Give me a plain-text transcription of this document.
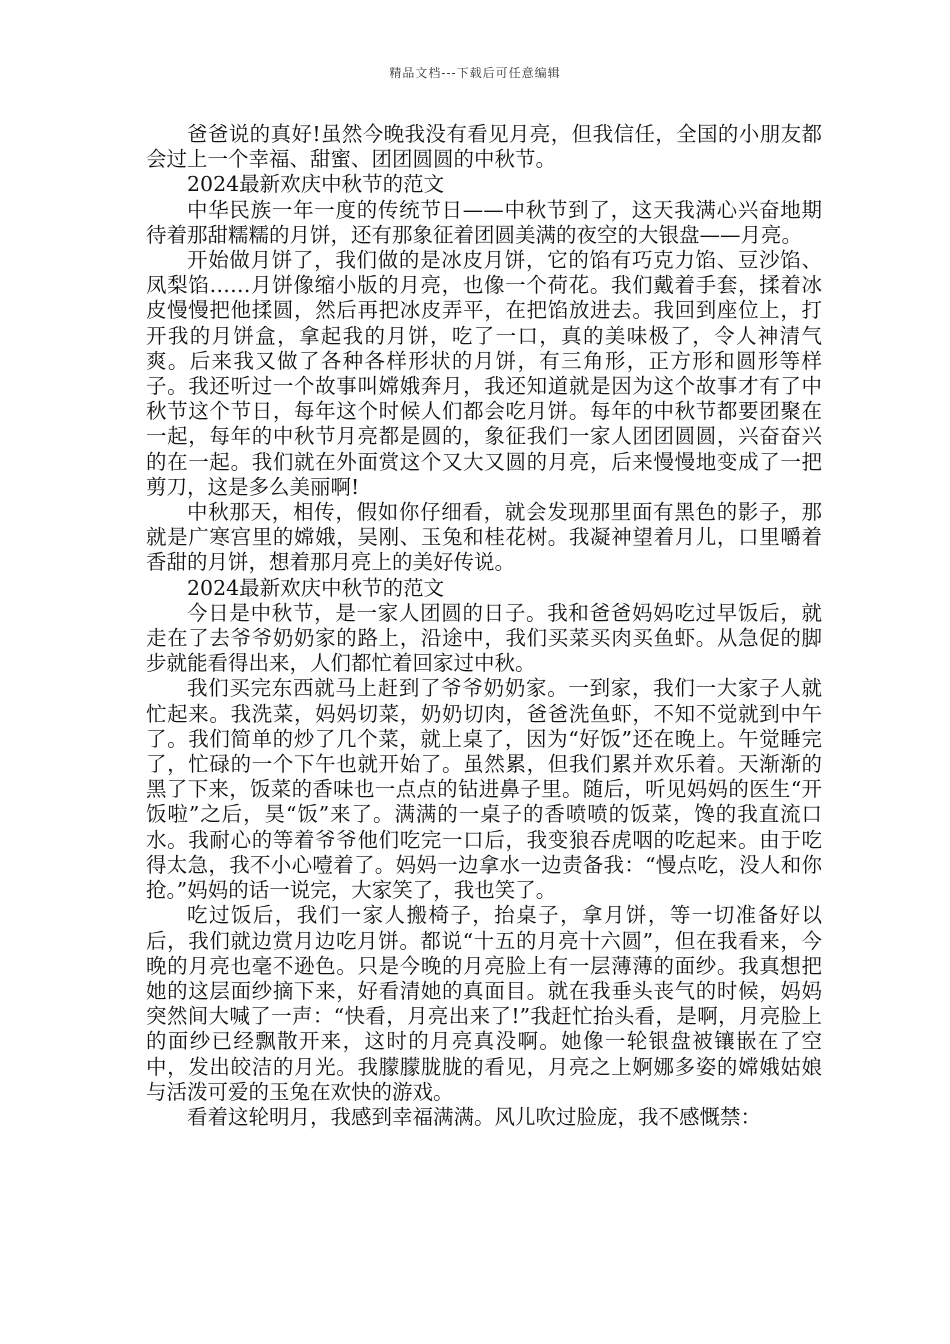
精品文档---下载后可任意编辑

爸爸说的真好!虽然今晚我没有看见月亮，但我信任，全国的小朋友都会过上一个幸福、甜蜜、团团圆圆的中秋节。

2024最新欢庆中秋节的范文

中华民族一年一度的传统节日——中秋节到了，这天我满心兴奋地期待着那甜糯糯的月饼，还有那象征着团圆美满的夜空的大银盘——月亮。

开始做月饼了，我们做的是冰皮月饼，它的馅有巧克力馅、豆沙馅、凤梨馅……月饼像缩小版的月亮，也像一个荷花。我们戴着手套，揉着冰皮慢慢把他揉圆，然后再把冰皮弄平，在把馅放进去。我回到座位上，打开我的月饼盒，拿起我的月饼，吃了一口，真的美味极了，令人神清气爽。后来我又做了各种各样形状的月饼，有三角形，正方形和圆形等样子。我还听过一个故事叫嫦娥奔月，我还知道就是因为这个故事才有了中秋节这个节日，每年这个时候人们都会吃月饼。每年的中秋节都要团聚在一起，每年的中秋节月亮都是圆的，象征我们一家人团团圆圆，兴奋奋兴的在一起。我们就在外面赏这个又大又圆的月亮，后来慢慢地变成了一把剪刀，这是多么美丽啊!

中秋那天，相传，假如你仔细看，就会发现那里面有黑色的影子，那就是广寒宫里的嫦娥，吴刚、玉兔和桂花树。我凝神望着月儿，口里嚼着香甜的月饼，想着那月亮上的美好传说。

2024最新欢庆中秋节的范文

今日是中秋节，是一家人团圆的日子。我和爸爸妈妈吃过早饭后，就走在了去爷爷奶奶家的路上，沿途中，我们买菜买肉买鱼虾。从急促的脚步就能看得出来，人们都忙着回家过中秋。

我们买完东西就马上赶到了爷爷奶奶家。一到家，我们一大家子人就忙起来。我洗菜，妈妈切菜，奶奶切肉，爸爸洗鱼虾，不知不觉就到中午了。我们简单的炒了几个菜，就上桌了，因为“好饭”还在晚上。午觉睡完了，忙碌的一个下午也就开始了。虽然累，但我们累并欢乐着。天渐渐的黑了下来，饭菜的香味也一点点的钻进鼻子里。随后，听见妈妈的医生“开饭啦”之后，昊“饭”来了。满满的一桌子的香喷喷的饭菜，馋的我直流口水。我耐心的等着爷爷他们吃完一口后，我变狼吞虎咽的吃起来。由于吃得太急，我不小心噎着了。妈妈一边拿水一边责备我：“慢点吃，没人和你抢。”妈妈的话一说完，大家笑了，我也笑了。

吃过饭后，我们一家人搬椅子，抬桌子，拿月饼，等一切准备好以后，我们就边赏月边吃月饼。都说“十五的月亮十六圆”，但在我看来，今晚的月亮也毫不逊色。只是今晚的月亮脸上有一层薄薄的面纱。我真想把她的这层面纱摘下来，好看清她的真面目。就在我垂头丧气的时候，妈妈突然间大喊了一声：“快看，月亮出来了!”我赶忙抬头看，是啊，月亮脸上的面纱已经飘散开来，这时的月亮真没啊。她像一轮银盘被镶嵌在了空中，发出皎洁的月光。我朦朦胧胧的看见，月亮之上婀娜多姿的嫦娥姑娘与活泼可爱的玉兔在欢快的游戏。

看着这轮明月，我感到幸福满满。风儿吹过脸庞，我不感慨禁：
